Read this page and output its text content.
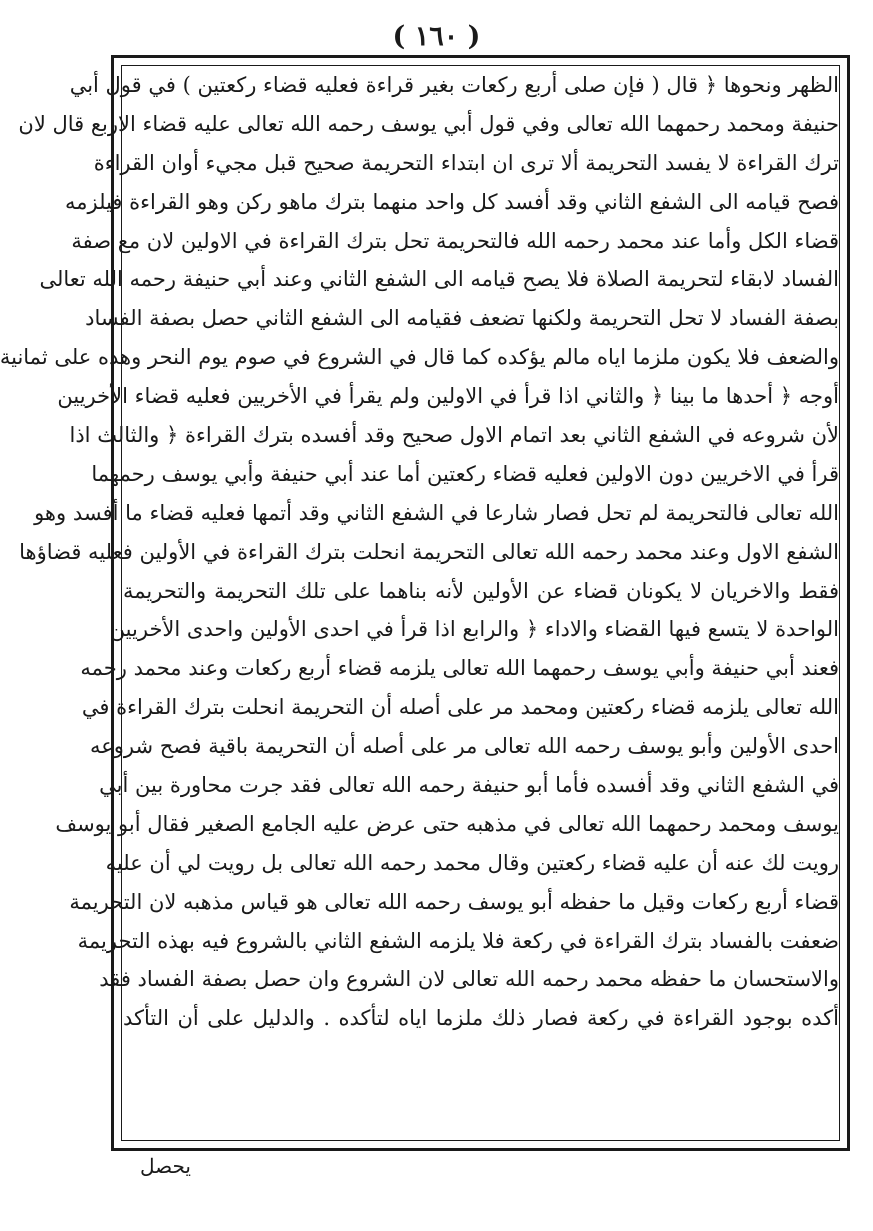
( ١٦٠ )
الظهر ونحوها ﴿ قال ( فإن صلى أربع ركعات بغير قراءة فعليه قضاء ركعتين ) في قول أبي
حنيفة ومحمد رحمهما الله تعالى وفي قول أبي يوسف رحمه الله تعالى عليه قضاء الاربع قال لان
ترك القراءة لا يفسد التحريمة ألا ترى ان ابتداء التحريمة صحيح قبل مجيء أوان القراءة
فصح قيامه الى الشفع الثاني وقد أفسد كل واحد منهما بترك ماهو ركن وهو القراءة فيلزمه
قضاء الكل وأما عند محمد رحمه الله فالتحريمة تحل بترك القراءة في الاولين لان مع صفة
الفساد لابقاء لتحريمة الصلاة فلا يصح قيامه الى الشفع الثاني وعند أبي حنيفة رحمه الله تعالى
بصفة الفساد لا تحل التحريمة ولكنها تضعف فقيامه الى الشفع الثاني حصل بصفة الفساد
والضعف فلا يكون ملزما اياه مالم يؤكده كما قال في الشروع في صوم يوم النحر وهذه على ثمانية
أوجه ﴿ أحدها ما بينا ﴿ والثاني اذا قرأ في الاولين ولم يقرأ في الأخريين فعليه قضاء الأخريين
لأن شروعه في الشفع الثاني بعد اتمام الاول صحيح وقد أفسده بترك القراءة ﴿ والثالث اذا
قرأ في الاخريين دون الاولين فعليه قضاء ركعتين أما عند أبي حنيفة وأبي يوسف رحمهما
الله تعالى فالتحريمة لم تحل فصار شارعا في الشفع الثاني وقد أتمها فعليه قضاء ما أفسد وهو
الشفع الاول وعند محمد رحمه الله تعالى التحريمة انحلت بترك القراءة في الأولين فعليه قضاؤها
فقط والاخريان لا يكونان قضاء عن الأولين لأنه بناهما على تلك التحريمة والتحريمة
الواحدة لا يتسع فيها القضاء والاداء ﴿ والرابع اذا قرأ في احدى الأولين واحدى الأخريين
فعند أبي حنيفة وأبي يوسف رحمهما الله تعالى يلزمه قضاء أربع ركعات وعند محمد رحمه
الله تعالى يلزمه قضاء ركعتين ومحمد مر على أصله أن التحريمة انحلت بترك القراءة في
احدى الأولين وأبو يوسف رحمه الله تعالى مر على أصله أن التحريمة باقية فصح شروعه
في الشفع الثاني وقد أفسده فأما أبو حنيفة رحمه الله تعالى فقد جرت محاورة بين أبي
يوسف ومحمد رحمهما الله تعالى في مذهبه حتى عرض عليه الجامع الصغير فقال أبو يوسف
رويت لك عنه أن عليه قضاء ركعتين وقال محمد رحمه الله تعالى بل رويت لي أن عليه
قضاء أربع ركعات وقيل ما حفظه أبو يوسف رحمه الله تعالى هو قياس مذهبه لان التحريمة
ضعفت بالفساد بترك القراءة في ركعة فلا يلزمه الشفع الثاني بالشروع فيه بهذه التحريمة
والاستحسان ما حفظه محمد رحمه الله تعالى لان الشروع وان حصل بصفة الفساد فقد
أكده بوجود القراءة في ركعة فصار ذلك ملزما اياه لتأكده . والدليل على أن التأكد
يحصل
